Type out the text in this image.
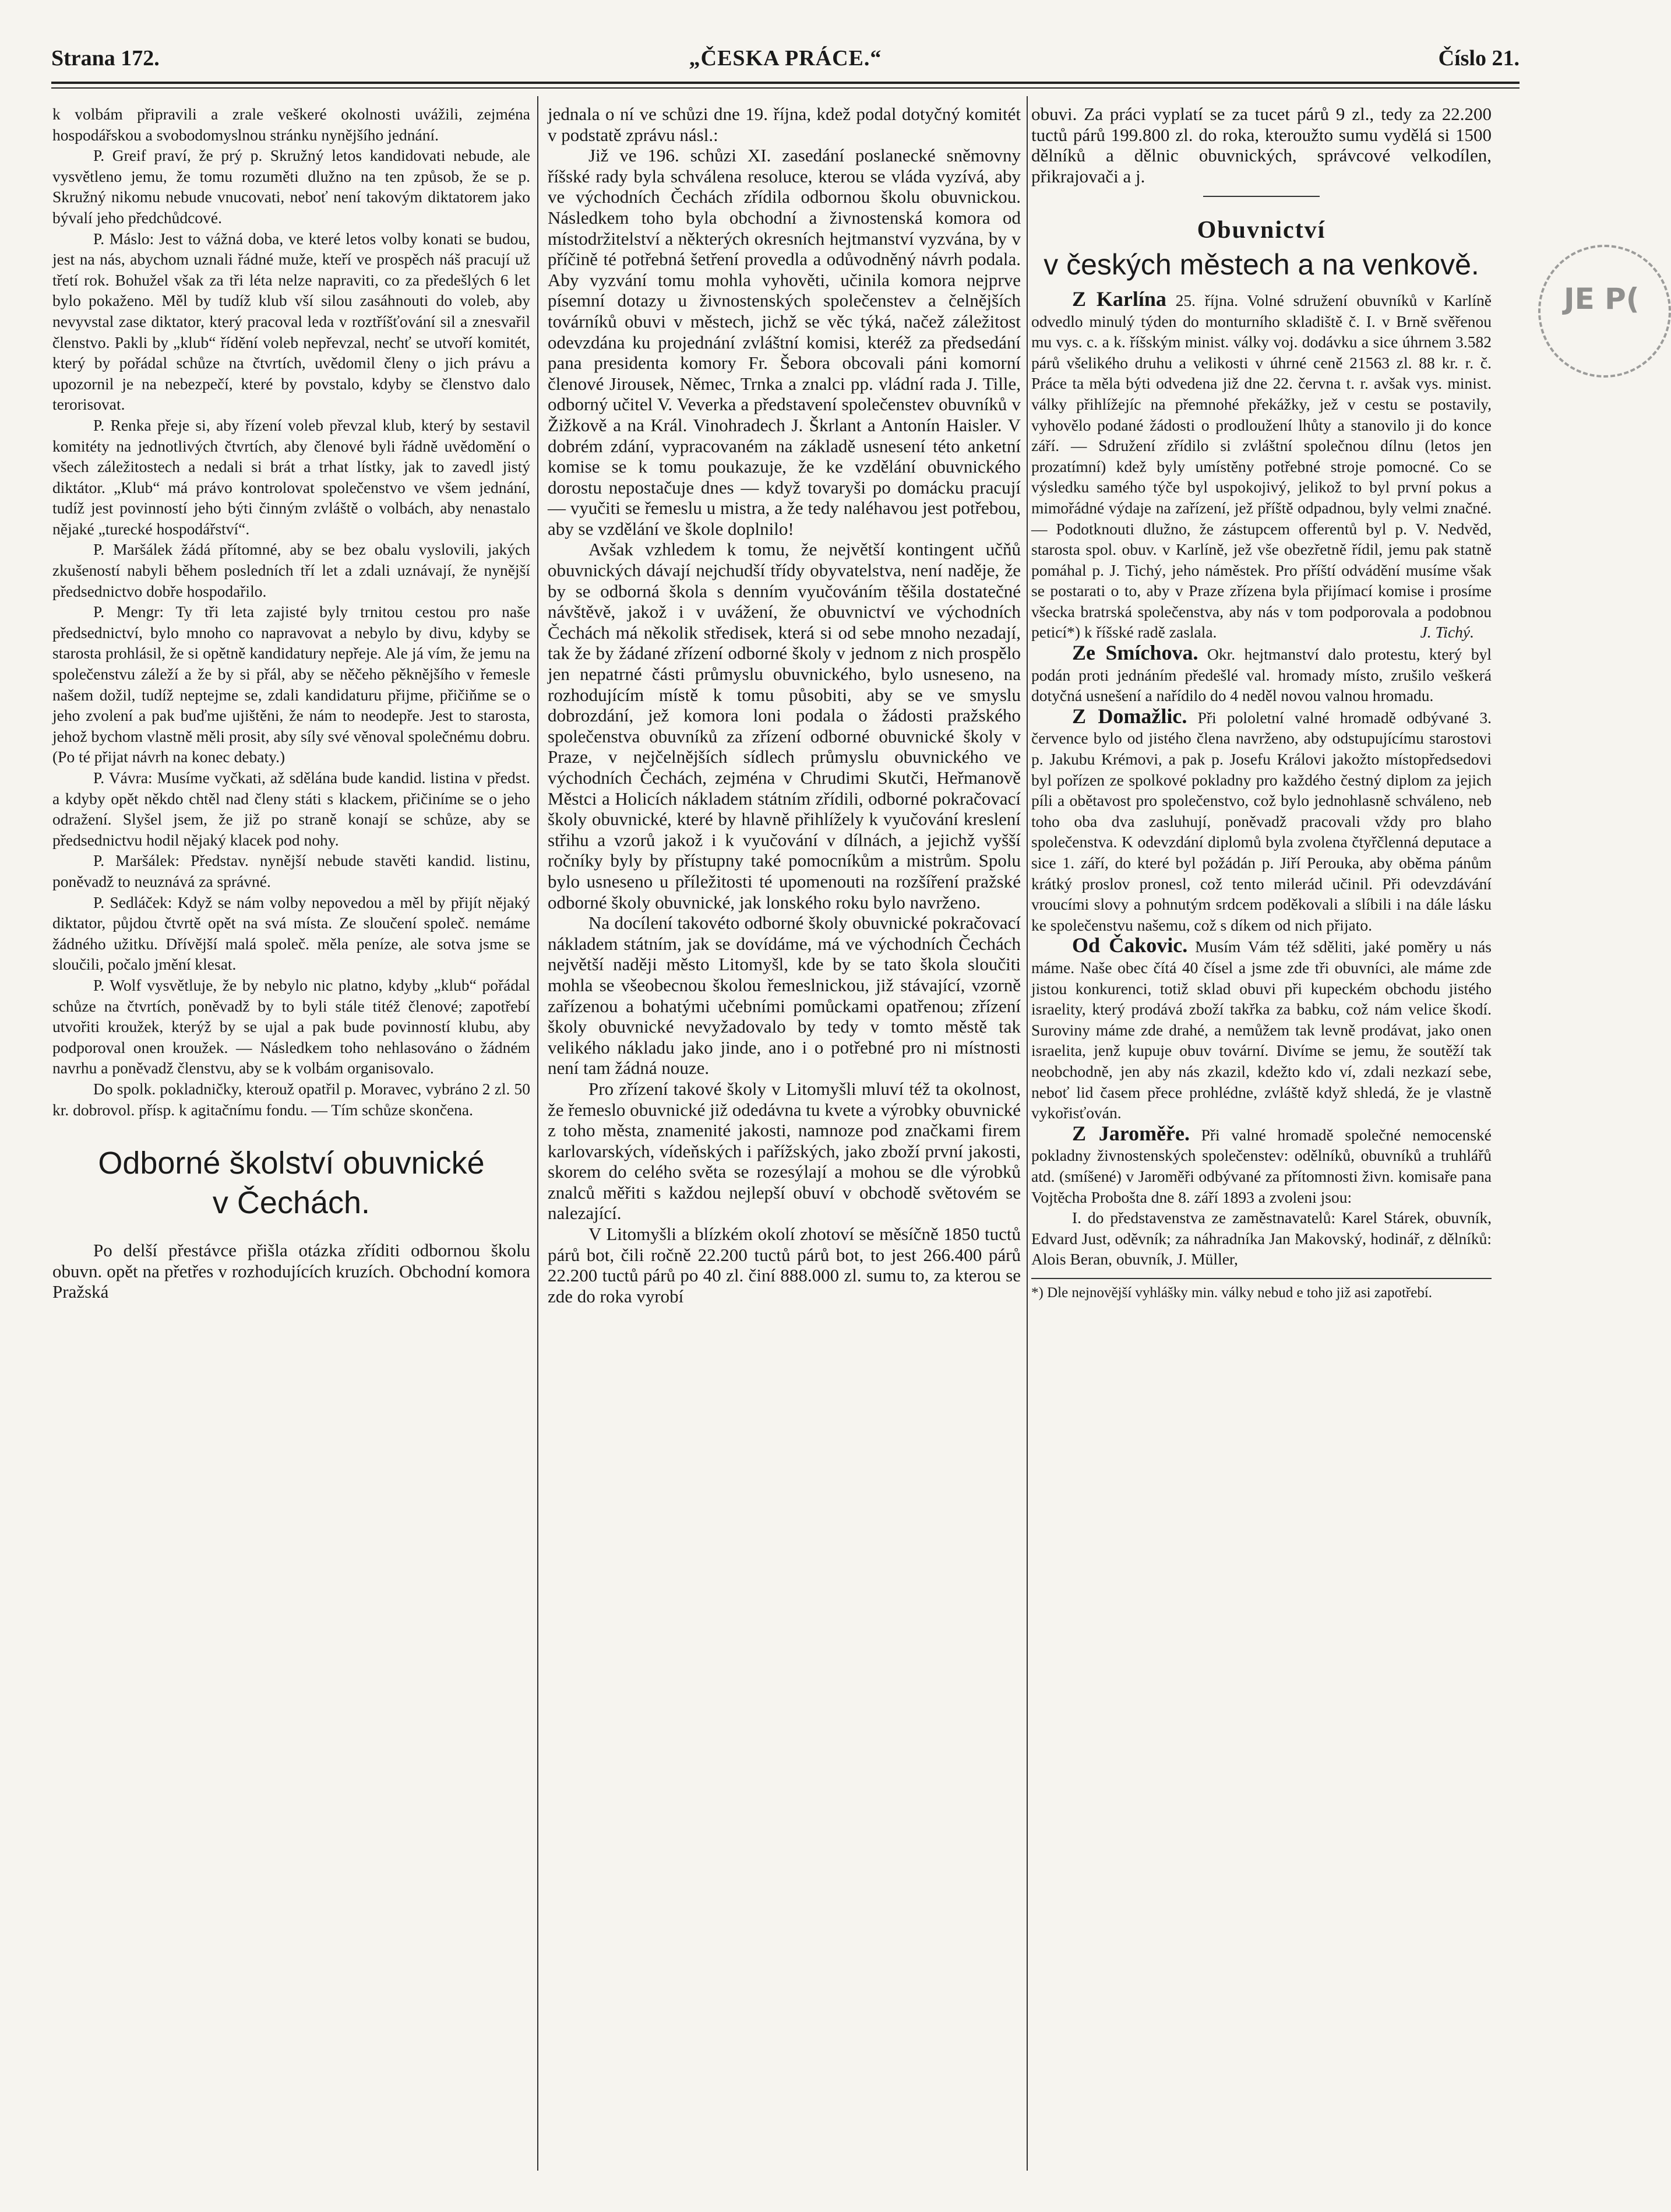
Strana 172.	„ČESKA PRÁCE.“	Číslo 21.
JE P(

k volbám připravili a zrale veškeré okolnosti uvážili, zejména hospodářskou a svobodomyslnou stránku nynějšího jednání.

P. Greif praví, že prý p. Skružný letos kandidovati nebude, ale vysvětleno jemu, že tomu rozuměti dlužno na ten způsob, že se p. Skružný nikomu nebude vnucovati, neboť není takovým diktatorem jako bývalí jeho předchůdcové.

P. Máslo: Jest to vážná doba, ve které letos volby konati se budou, jest na nás, abychom uznali řádné muže, kteří ve prospěch náš pracují už třetí rok. Bohužel však za tři léta nelze napraviti, co za předešlých 6 let bylo pokaženo. Měl by tudíž klub vší silou zasáhnouti do voleb, aby nevyvstal zase diktator, který pracoval leda v roztříšťování sil a znesvařil členstvo. Pakli by „klub“ řídění voleb nepřevzal, nechť se utvoří komitét, který by pořádal schůze na čtvrtích, uvědomil členy o jich právu a upozornil je na nebezpečí, které by povstalo, kdyby se členstvo dalo terorisovat.

P. Renka přeje si, aby řízení voleb převzal klub, který by sestavil komitéty na jednotlivých čtvrtích, aby členové byli řádně uvědomění o všech záležitostech a nedali si brát a trhat lístky, jak to zavedl jistý diktátor. „Klub“ má právo kontrolovat společenstvo ve všem jednání, tudíž jest povinností jeho býti činným zvláště o volbách, aby nenastalo nějaké „turecké hospodářství“.

P. Maršálek žádá přítomné, aby se bez obalu vyslovili, jakých zkušeností nabyli během posledních tří let a zdali uznávají, že nynější předsednictvo dobře hospodařilo.

P. Mengr: Ty tři leta zajisté byly trnitou cestou pro naše předsednictví, bylo mnoho co napravovat a nebylo by divu, kdyby se starosta prohlásil, že si opětně kandidatury nepřeje. Ale já vím, že jemu na společenstvu záleží a že by si přál, aby se něčeho pěknějšího v řemesle našem dožil, tudíž neptejme se, zdali kandidaturu přijme, přičiňme se o jeho zvolení a pak buďme ujištěni, že nám to neodepře. Jest to starosta, jehož bychom vlastně měli prosit, aby síly své věnoval společnému dobru. (Po té přijat návrh na konec debaty.)

P. Vávra: Musíme vyčkati, až sdělána bude kandid. listina v předst. a kdyby opět někdo chtěl nad členy státi s klackem, přičiníme se o jeho odražení. Slyšel jsem, že již po straně konají se schůze, aby se předsednictvu hodil nějaký klacek pod nohy.

P. Maršálek: Představ. nynější nebude stavěti kandid. listinu, poněvadž to neuznává za správné.

P. Sedláček: Když se nám volby nepovedou a měl by přijít nějaký diktator, půjdou čtvrtě opět na svá místa. Ze sloučení společ. nemáme žádného užitku. Dřívější malá společ. měla peníze, ale sotva jsme se sloučili, počalo jmění klesat.

P. Wolf vysvětluje, že by nebylo nic platno, kdyby „klub“ pořádal schůze na čtvrtích, poněvadž by to byli stále titéž členové; zapotřebí utvořiti kroužek, kterýž by se ujal a pak bude povinností klubu, aby podporoval onen kroužek. — Následkem toho nehlasováno o žádném navrhu a poněvadž členstvu, aby se k volbám organisovalo.

Do spolk. pokladničky, kterouž opatřil p. Moravec, vybráno 2 zl. 50 kr. dobrovol. přísp. k agitačnímu fondu. — Tím schůze skončena.

Odborné školství obuvnické
v Čechách.

Po delší přestávce přišla otázka zříditi odbornou školu obuvn. opět na přetřes v rozhodujících kruzích. Obchodní komora Pražská

jednala o ní ve schůzi dne 19. října, kdež podal dotyčný komitét v podstatě zprávu násl.:

Již ve 196. schůzi XI. zasedání poslanecké sněmovny říšské rady byla schválena resoluce, kterou se vláda vyzívá, aby ve východních Čechách zřídila odbornou školu obuvnickou. Následkem toho byla obchodní a živnostenská komora od místodržitelství a některých okresních hejtmanství vyzvána, by v příčině té potřebná šetření provedla a odůvodněný návrh podala. Aby vyzvání tomu mohla vyhověti, učinila komora nejprve písemní dotazy u živnostenských společenstev a čelnějších továrníků obuvi v městech, jichž se věc týká, načež záležitost odevzdána ku projednání zvláštní komisi, kteréž za předsedání pana presidenta komory Fr. Šebora obcovali páni komorní členové Jirousek, Němec, Trnka a znalci pp. vládní rada J. Tille, odborný učitel V. Veverka a představení společenstev obuvníků v Žižkově a na Král. Vinohradech J. Škrlant a Antonín Haisler. V dobrém zdání, vypracovaném na základě usnesení této anketní komise se k tomu poukazuje, že ke vzdělání obuvnického dorostu nepostačuje dnes — když tovaryši po domácku pracují — vyučiti se řemeslu u mistra, a že tedy naléhavou jest potřebou, aby se vzdělání ve škole doplnilo!

Avšak vzhledem k tomu, že největší kontingent učňů obuvnických dávají nejchudší třídy obyvatelstva, není naděje, že by se odborná škola s denním vyučováním těšila dostatečné návštěvě, jakož i v uvážení, že obuvnictví ve východních Čechách má několik středisek, která si od sebe mnoho nezadají, tak že by žádané zřízení odborné školy v jednom z nich prospělo jen nepatrné části průmyslu obuvnického, bylo usneseno, na rozhodujícím místě k tomu působiti, aby se ve smyslu dobrozdání, jež komora loni podala o žádosti pražského společenstva obuvníků za zřízení odborné obuvnické školy v Praze, v nejčelnějších sídlech průmyslu obuvnického ve východních Čechách, zejména v Chrudimi Skutči, Heřmanově Městci a Holicích nákladem státním zřídili, odborné pokračovací školy obuvnické, které by hlavně přihlížely k vyučování kreslení střihu a vzorů jakož i k vyučování v dílnách, a jejichž vyšší ročníky byly by přístupny také pomocníkům a mistrům. Spolu bylo usneseno u příležitosti té upomenouti na rozšíření pražské odborné školy obuvnické, jak lonského roku bylo navrženo.

Na docílení takovéto odborné školy obuvnické pokračovací nákladem státním, jak se dovídáme, má ve východních Čechách největší naději město Litomyšl, kde by se tato škola sloučiti mohla se všeobecnou školou řemeslnickou, již stávající, vzorně zařízenou a bohatými učebními pomůckami opatřenou; zřízení školy obuvnické nevyžadovalo by tedy v tomto městě tak velikého nákladu jako jinde, ano i o potřebné pro ni místnosti není tam žádná nouze.

Pro zřízení takové školy v Litomyšli mluví též ta okolnost, že řemeslo obuvnické již odedávna tu kvete a výrobky obuvnické z toho města, znamenité jakosti, namnoze pod značkami firem karlovarských, vídeňských i pařížských, jako zboží první jakosti, skorem do celého světa se rozesýlají a mohou se dle výrobků znalců měřiti s každou nejlepší obuví v obchodě světovém se nalezající.

V Litomyšli a blízkém okolí zhotoví se měsíčně 1850 tuctů párů bot, čili ročně 22.200 tuctů párů bot, to jest 266.400 párů 22.200 tuctů párů po 40 zl. činí 888.000 zl. sumu to, za kterou se zde do roka vyrobí

obuvi. Za práci vyplatí se za tucet párů 9 zl., tedy za 22.200 tuctů párů 199.800 zl. do roka, kteroužto sumu vydělá si 1500 dělníků a dělnic obuvnických, správcové velkodílen, přikrajovači a j.

Obuvnictví
v českých městech a na venkově.

Z Karlína 25. října. Volné sdružení obuvníků v Karlíně odvedlo minulý týden do monturního skladiště č. I. v Brně svěřenou mu vys. c. a k. říšským minist. války voj. dodávku a sice úhrnem 3.582 párů všelikého druhu a velikosti v úhrné ceně 21563 zl. 88 kr. r. č. Práce ta měla býti odvedena již dne 22. června t. r. avšak vys. minist. války přihlížejíc na přemnohé překážky, jež v cestu se postavily, vyhovělo podané žádosti o prodloužení lhůty a stanovilo ji do konce září. — Sdružení zřídilo si zvláštní společnou dílnu (letos jen prozatímní) kdež byly umístěny potřebné stroje pomocné. Co se výsledku samého týče byl uspokojivý, jelikož to byl první pokus a mimořádné výdaje na zařízení, jež příště odpadnou, byly velmi značné. — Podotknouti dlužno, že zástupcem offerentů byl p. V. Nedvěd, starosta spol. obuv. v Karlíně, jež vše obezřetně řídil, jemu pak statně pomáhal p. J. Tichý, jeho náměstek. Pro příští odvádění musíme však se postarati o to, aby v Praze zřízena byla přijímací komise i prosíme všecka bratrská společenstva, aby nás v tom podporovala a podobnou peticí*) k říšské radě zaslala.	J. Tichý.

Ze Smíchova. Okr. hejtmanství dalo protestu, který byl podán proti jednáním předešlé val. hromady místo, zrušilo veškerá dotyčná usnešení a nařídilo do 4 neděl novou valnou hromadu.

Z Domažlic. Při pololetní valné hromadě odbývané 3. července bylo od jistého člena navrženo, aby odstupujícímu starostovi p. Jakubu Krémovi, a pak p. Josefu Královi jakožto místopředsedovi byl pořízen ze spolkové pokladny pro každého čestný diplom za jejich píli a obětavost pro společenstvo, což bylo jednohlasně schváleno, neb toho oba dva zasluhují, poněvadž pracovali vždy pro blaho společenstva. K odevzdání diplomů byla zvolena čtyřčlenná deputace a sice 1. září, do které byl požádán p. Jiří Perouka, aby oběma pánům krátký proslov pronesl, což tento milerád učinil. Při odevzdávání vroucími slovy a pohnutým srdcem poděkovali a slíbili i na dále lásku ke společenstvu našemu, což s díkem od nich přijato.

Od Čakovic. Musím Vám též sděliti, jaké poměry u nás máme. Naše obec čítá 40 čísel a jsme zde tři obuvníci, ale máme zde jistou konkurenci, totiž sklad obuvi při kupeckém obchodu jistého israelity, který prodává zboží takřka za babku, což nám velice škodí. Suroviny máme zde drahé, a nemůžem tak levně prodávat, jako onen israelita, jenž kupuje obuv tovární. Divíme se jemu, že soutěží tak neobchodně, jen aby nás zkazil, kdežto kdo ví, zdali nezkazí sebe, neboť lid časem přece prohlédne, zvláště když shledá, že je vlastně vykořisťován.

Z Jaroměře. Při valné hromadě společné nemocenské pokladny živnostenských společenstev: odělníků, obuvníků a truhlářů atd. (smíšené) v Jaroměři odbývané za přítomnosti živn. komisaře pana Vojtěcha Probošta dne 8. září 1893 a zvoleni jsou:

I. do představenstva ze zaměstnavatelů: Karel Stárek, obuvník, Edvard Just, oděvník; za náhradníka Jan Makovský, hodinář, z dělníků: Alois Beran, obuvník, J. Müller,

*) Dle nejnovější vyhlášky min. války nebud e toho již asi zapotřebí.
